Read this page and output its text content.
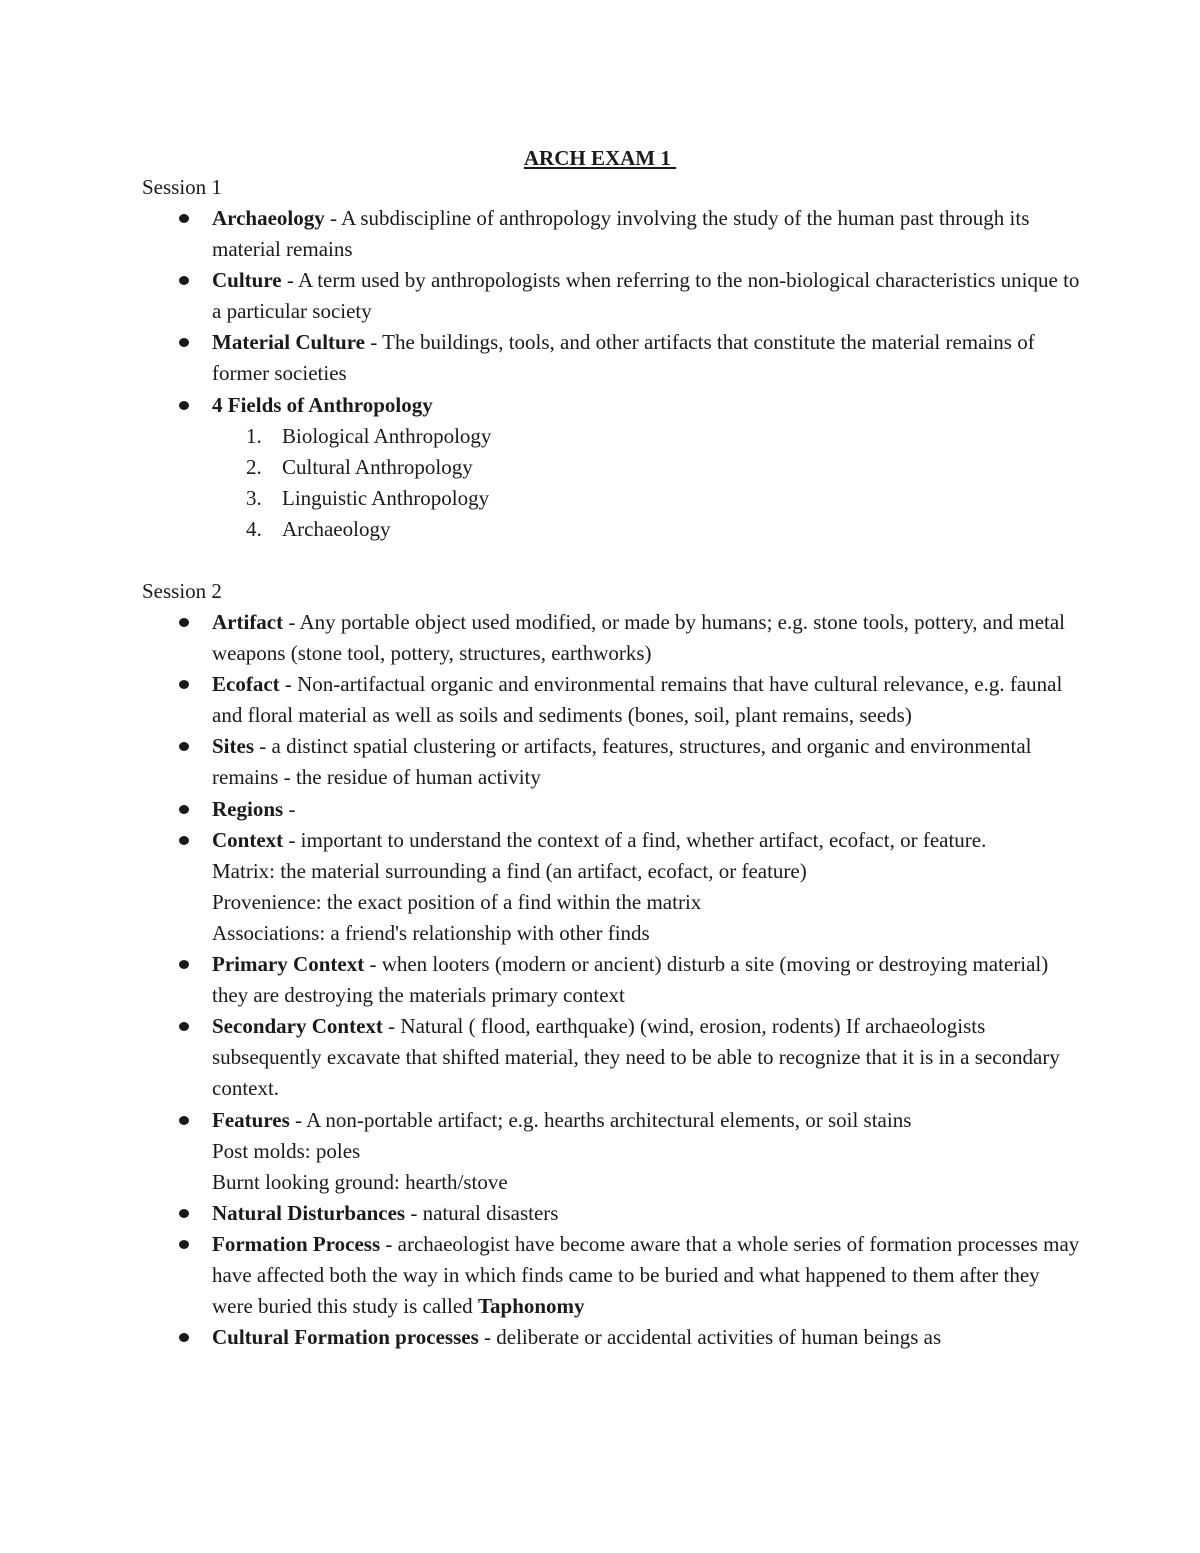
ARCH EXAM 1
Session 1
Archaeology - A subdiscipline of anthropology involving the study of the human past through its material remains
Culture - A term used by anthropologists when referring to the non-biological characteristics unique to a particular society
Material Culture - The buildings, tools, and other artifacts that constitute the material remains of former societies
4 Fields of Anthropology
1. Biological Anthropology
2. Cultural Anthropology
3. Linguistic Anthropology
4. Archaeology
Session 2
Artifact - Any portable object used modified, or made by humans; e.g. stone tools, pottery, and metal weapons (stone tool, pottery, structures, earthworks)
Ecofact - Non-artifactual organic and environmental remains that have cultural relevance, e.g. faunal and floral material as well as soils and sediments (bones, soil, plant remains, seeds)
Sites - a distinct spatial clustering or artifacts, features, structures, and organic and environmental remains - the residue of human activity
Regions -
Context - important to understand the context of a find, whether artifact, ecofact, or feature.
Matrix: the material surrounding a find (an artifact, ecofact, or feature)
Provenience: the exact position of a find within the matrix
Associations: a friend's relationship with other finds
Primary Context - when looters (modern or ancient) disturb a site (moving or destroying material) they are destroying the materials primary context
Secondary Context - Natural ( flood, earthquake) (wind, erosion, rodents) If archaeologists subsequently excavate that shifted material, they need to be able to recognize that it is in a secondary context.
Features - A non-portable artifact; e.g. hearths architectural elements, or soil stains
Post molds: poles
Burnt looking ground: hearth/stove
Natural Disturbances - natural disasters
Formation Process - archaeologist have become aware that a whole series of formation processes may have affected both the way in which finds came to be buried and what happened to them after they were buried this study is called Taphonomy
Cultural Formation processes - deliberate or accidental activities of human beings as
